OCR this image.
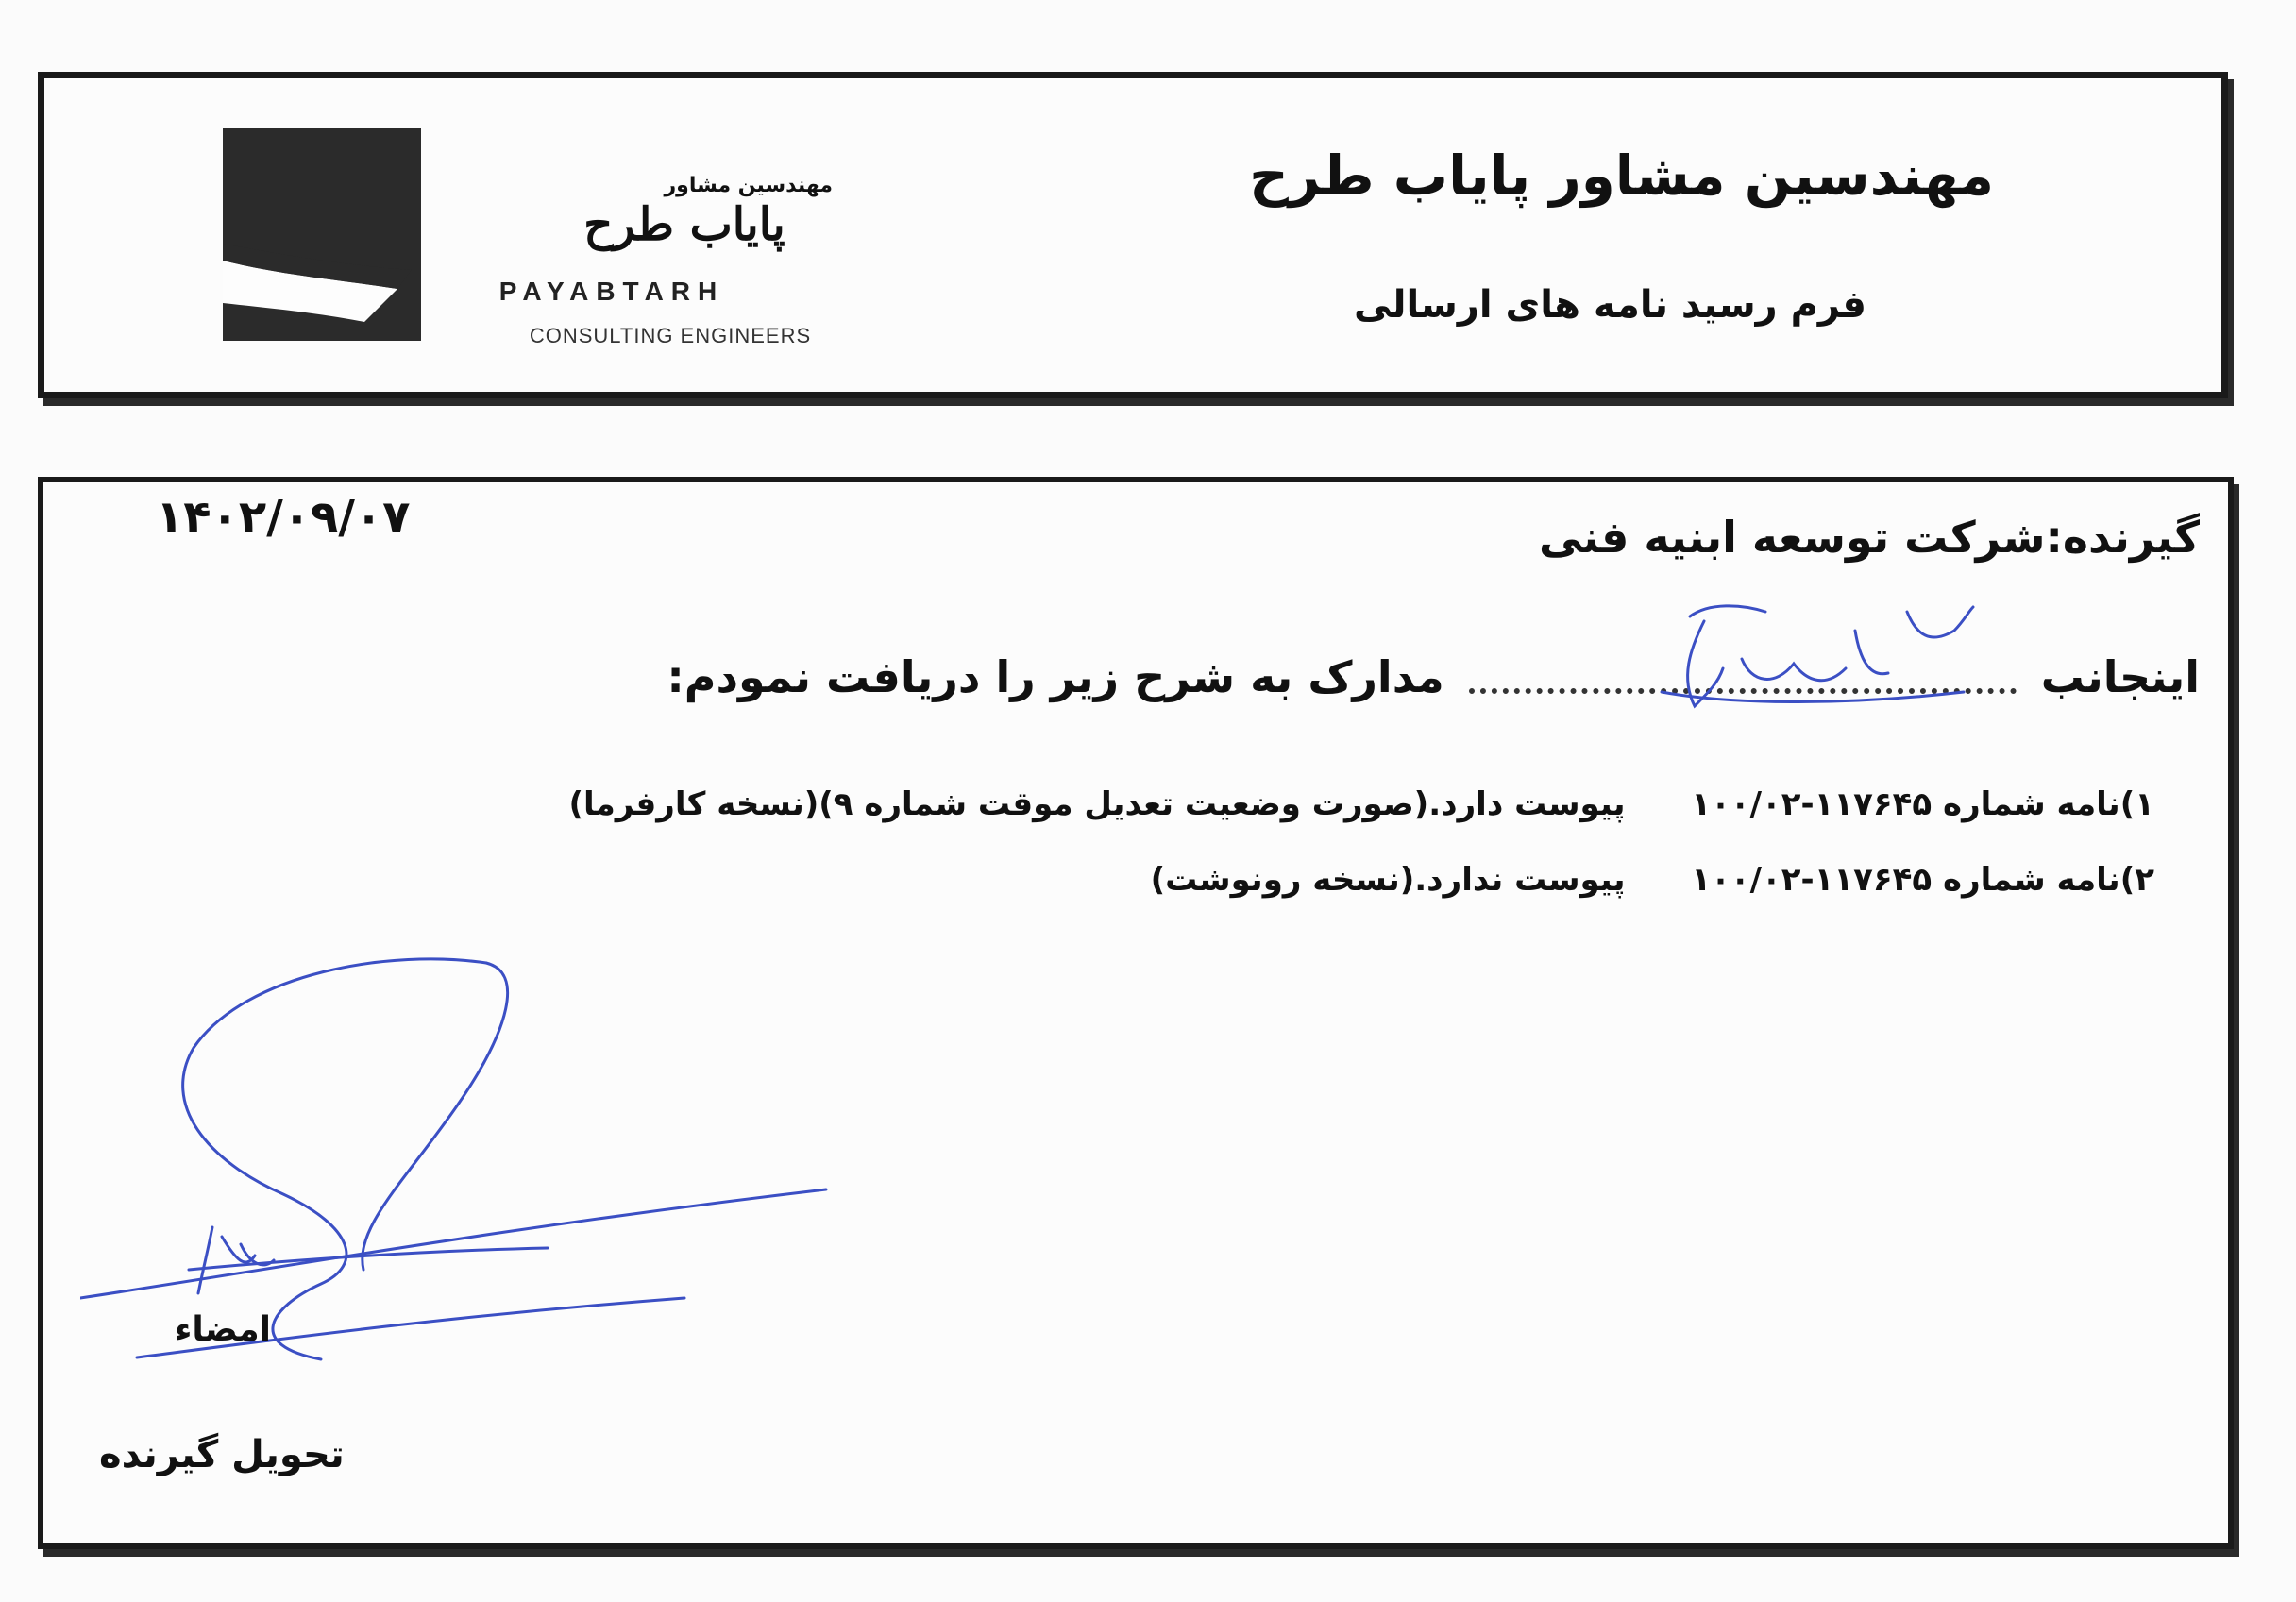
مهندسین مشاور
پایاب طرح
PAYABTARH
CONSULTING ENGINEERS
مهندسین مشاور پایاب طرح
فرم رسید نامه های ارسالی
۱۴۰۲/۰۹/۰۷	گیرنده:شرکت توسعه ابنیه فنی
اینجانب  مدارک به شرح زیر را دریافت نمودم:
۱)نامه شماره ۱۱۷۶۴۵-۱۰۰/۰۲ پیوست دارد.(صورت وضعیت تعدیل موقت شماره ۹)(نسخه کارفرما)
۲)نامه شماره ۱۱۷۶۴۵-۱۰۰/۰۲ پیوست ندارد.(نسخه رونوشت)
امضاء
تحویل گیرنده
